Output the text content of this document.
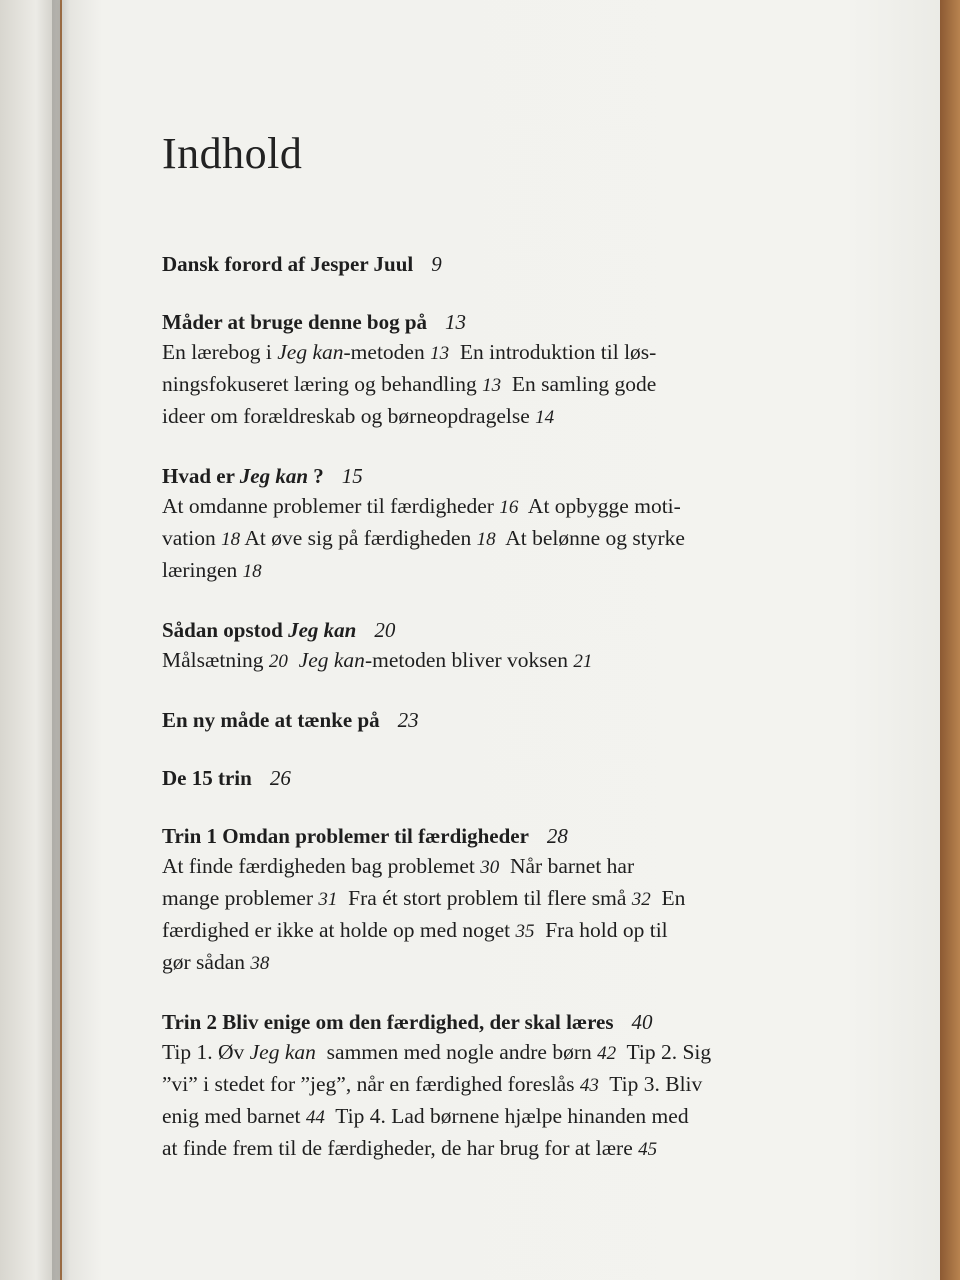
Indhold

Dansk forord af Jesper Juul 9

Måder at bruge denne bog på 13

En lærebog i Jeg kan-metoden 13 En introduktion til løs-
ningsfokuseret læring og behandling 13 En samling gode
ideer om forældreskab og børneopdragelse 14

Hvad er Jeg kan ? 15

At omdanne problemer til færdigheder 16 At opbygge moti-
vation 18 At øve sig på færdigheden 18 At belønne og styrke
læringen 18

Sådan opstod Jeg kan 20

Målsætning 20 Jeg kan-metoden bliver voksen 21

En ny måde at tænke på 23

De 15 trin 26

Trin 1 Omdan problemer til færdigheder 28

At finde færdigheden bag problemet 30 Når barnet har
mange problemer 31 Fra ét stort problem til flere små 32 En
færdighed er ikke at holde op med noget 35 Fra hold op til
gør sådan 38

Trin 2 Bliv enige om den færdighed, der skal læres 40

Tip 1. Øv Jeg kan sammen med nogle andre børn 42 Tip 2. Sig
”vi” i stedet for ”jeg”, når en færdighed foreslås 43 Tip 3. Bliv
enig med barnet 44 Tip 4. Lad børnene hjælpe hinanden med
at finde frem til de færdigheder, de har brug for at lære 45
